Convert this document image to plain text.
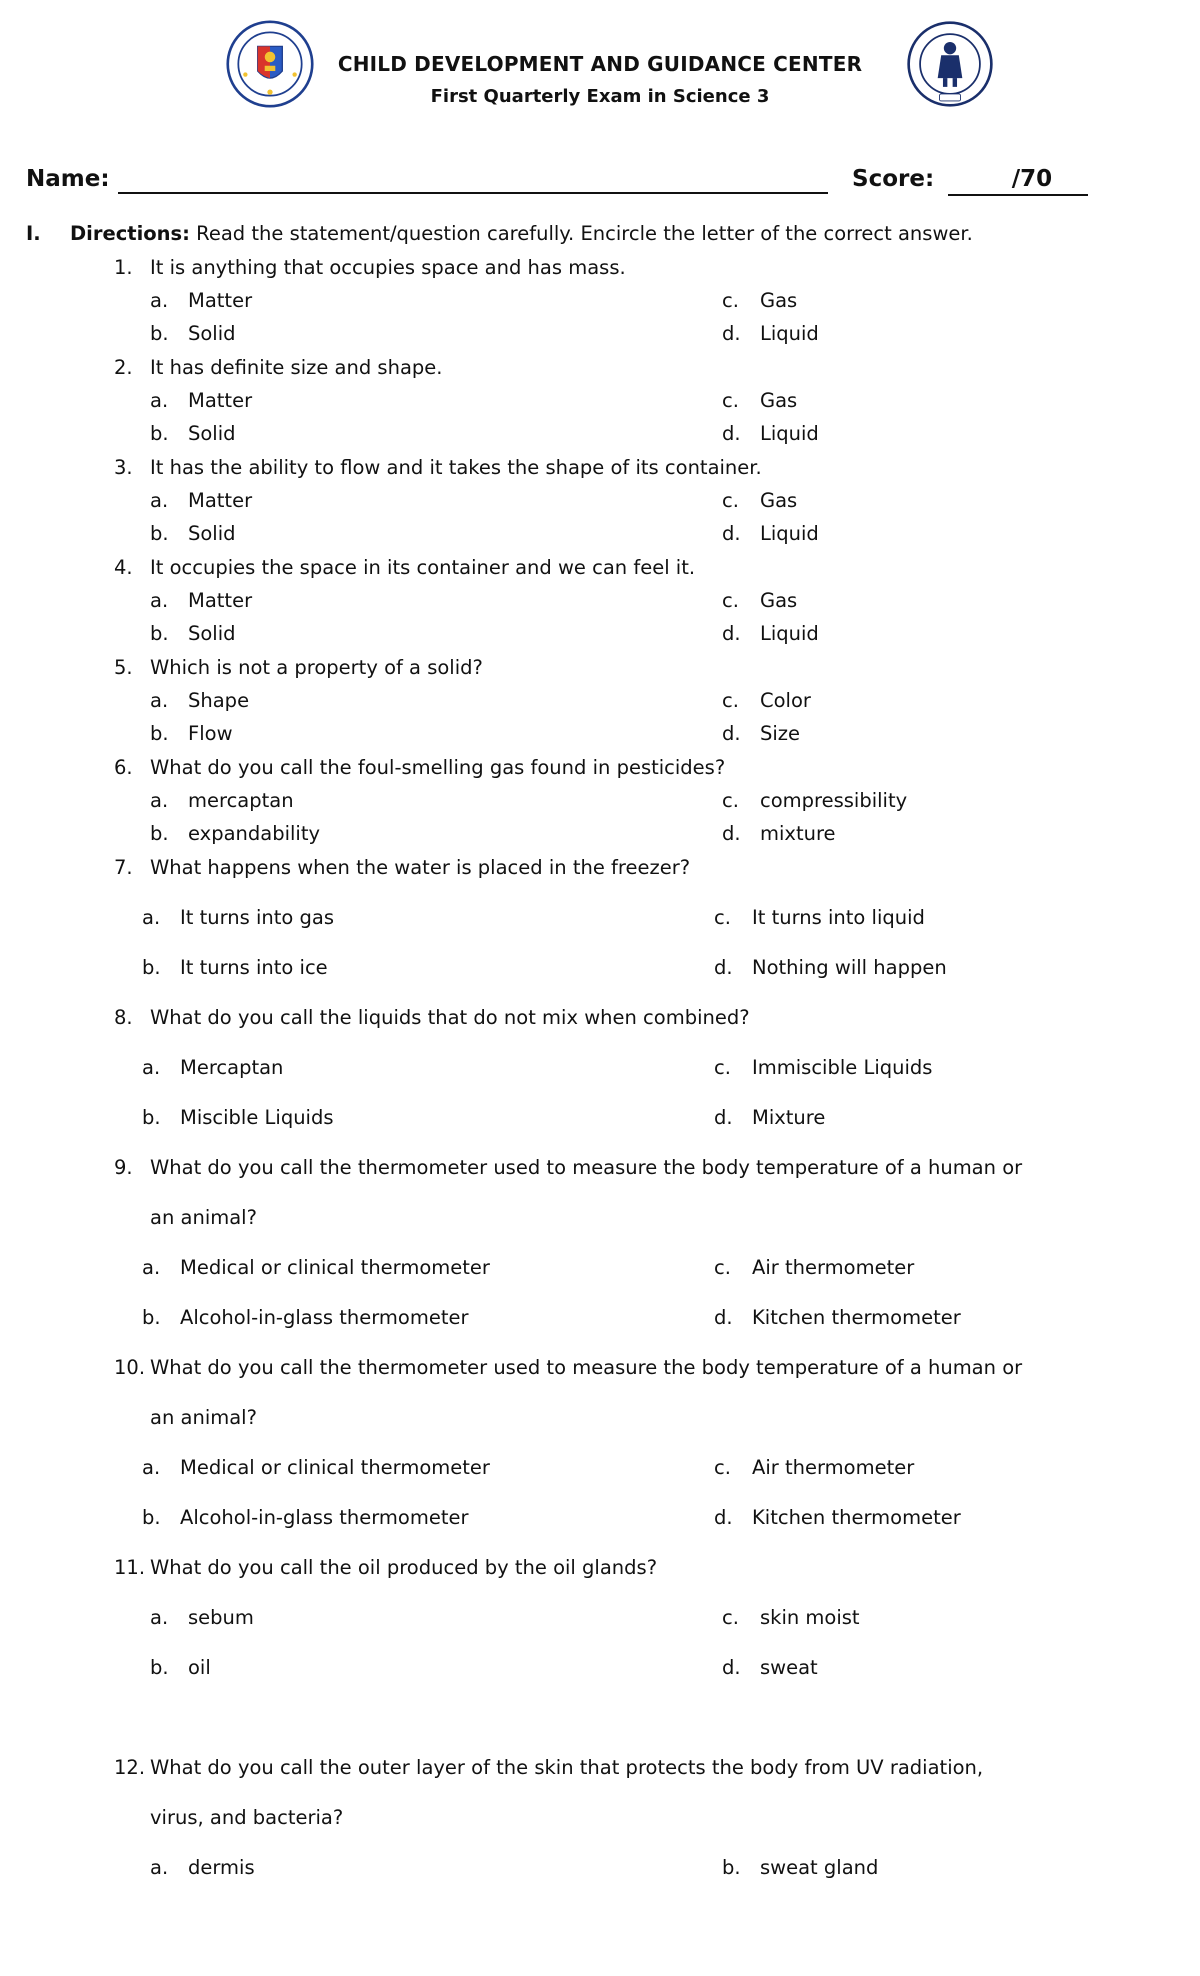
CHILD DEVELOPMENT AND GUIDANCE CENTER
First Quarterly Exam in Science 3
Name:	Score:	/70
I. Directions: Read the statement/question carefully. Encircle the letter of the correct answer.
1. It is anything that occupies space and has mass.
a. Matter	c. Gas
b. Solid	d. Liquid
2. It has definite size and shape.
a. Matter	c. Gas
b. Solid	d. Liquid
3. It has the ability to flow and it takes the shape of its container.
a. Matter	c. Gas
b. Solid	d. Liquid
4. It occupies the space in its container and we can feel it.
a. Matter	c. Gas
b. Solid	d. Liquid
5. Which is not a property of a solid?
a. Shape	c. Color
b. Flow	d. Size
6. What do you call the foul-smelling gas found in pesticides?
a. mercaptan	c. compressibility
b. expandability	d. mixture
7. What happens when the water is placed in the freezer?
a. It turns into gas	c. It turns into liquid
b. It turns into ice	d. Nothing will happen
8. What do you call the liquids that do not mix when combined?
a. Mercaptan	c. Immiscible Liquids
b. Miscible Liquids	d. Mixture
9. What do you call the thermometer used to measure the body temperature of a human or
an animal?
a. Medical or clinical thermometer	c. Air thermometer
b. Alcohol-in-glass thermometer	d. Kitchen thermometer
10. What do you call the thermometer used to measure the body temperature of a human or
an animal?
a. Medical or clinical thermometer	c. Air thermometer
b. Alcohol-in-glass thermometer	d. Kitchen thermometer
11. What do you call the oil produced by the oil glands?
a. sebum	c. skin moist
b. oil	d. sweat
12. What do you call the outer layer of the skin that protects the body from UV radiation,
virus, and bacteria?
a. dermis	b. sweat gland
